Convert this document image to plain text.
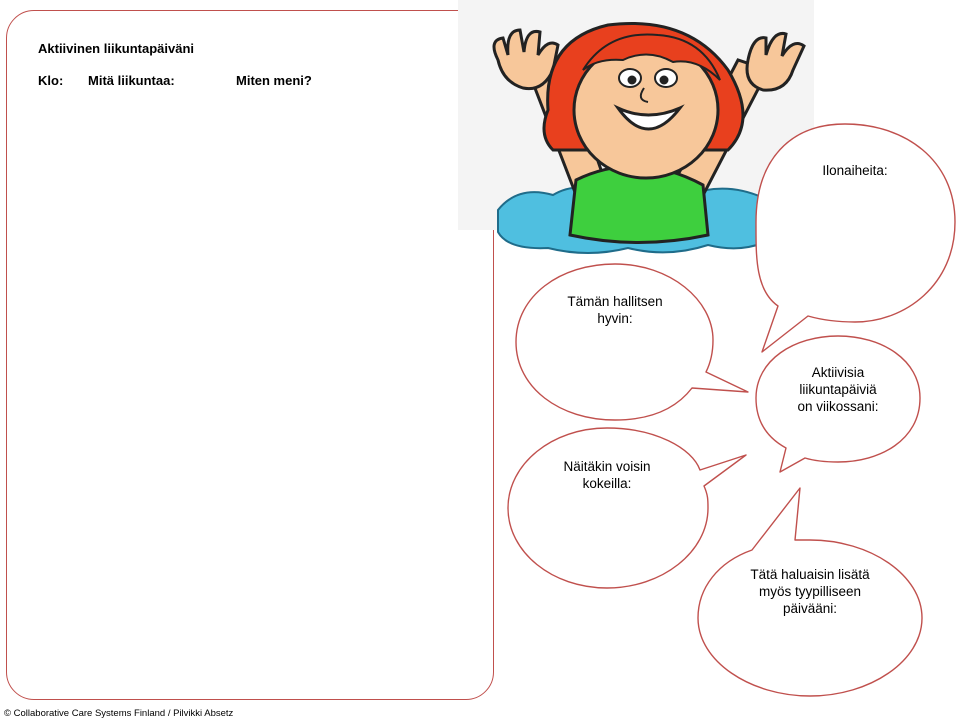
Aktiivinen liikuntapäiväni
Klo: Mitä liikuntaa:	Miten meni?
Ilonaiheita:
Tämän hallitsen
hyvin:
Aktiivisia
liikuntapäiviä
on viikossani:
Näitäkin voisin
kokeilla:
Tätä haluaisin lisätä
myös tyypilliseen
päivääni:
© Collaborative Care Systems Finland / Pilvikki Absetz
